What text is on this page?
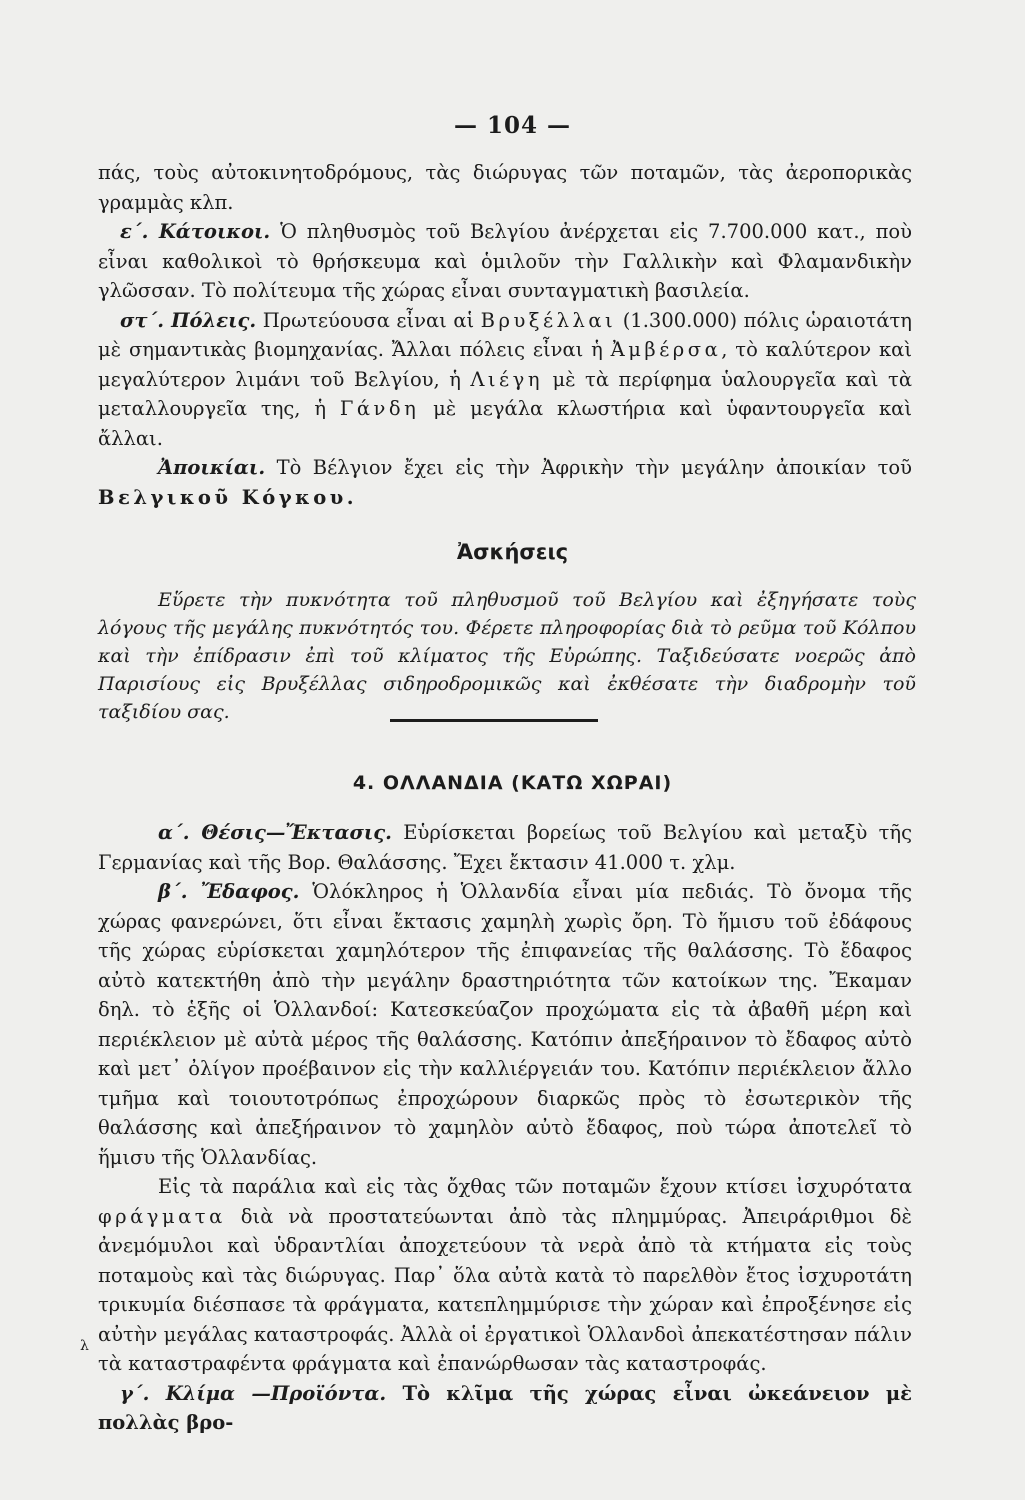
— 104 —

πάς, τοὺς αὐτοκινητοδρόμους, τὰς διώρυγας τῶν ποταμῶν, τὰς ἀεροπορικὰς γραμμὰς κλπ.

ε΄. Κάτοικοι. Ὁ πληθυσμὸς τοῦ Βελγίου ἀνέρχεται εἰς 7.700.000 κατ., ποὺ εἶναι καθολικοὶ τὸ θρήσκευμα καὶ ὁμιλοῦν τὴν Γαλλικὴν καὶ Φλαμανδικὴν γλῶσσαν. Τὸ πολίτευμα τῆς χώρας εἶναι συνταγματικὴ βασιλεία.

στ΄. Πόλεις. Πρωτεύουσα εἶναι αἱ Βρυξέλλαι (1.300.000) πόλις ὡραιοτάτη μὲ σημαντικὰς βιομηχανίας. Ἄλλαι πόλεις εἶναι ἡ Ἀμβέρσα, τὸ καλύτερον καὶ μεγαλύτερον λιμάνι τοῦ Βελγίου, ἡ Λιέγη μὲ τὰ περίφημα ὑαλουργεῖα καὶ τὰ μεταλλουργεῖα της, ἡ Γάνδη μὲ μεγάλα κλωστήρια καὶ ὑφαντουργεῖα καὶ ἄλλαι.

Ἀποικίαι. Τὸ Βέλγιον ἔχει εἰς τὴν Ἀφρικὴν τὴν μεγάλην ἀποικίαν τοῦ Βελγικοῦ Κόγκου.

Ἀσκήσεις
Εὕρετε τὴν πυκνότητα τοῦ πληθυσμοῦ τοῦ Βελγίου καὶ ἐξηγήσατε τοὺς λόγους τῆς μεγάλης πυκνότητός του. Φέρετε πληροφορίας διὰ τὸ ρεῦμα τοῦ Κόλπου καὶ τὴν ἐπίδρασιν ἐπὶ τοῦ κλίματος τῆς Εὐρώπης. Ταξιδεύσατε νοερῶς ἀπὸ Παρισίους εἰς Βρυξέλλας σιδηροδρομικῶς καὶ ἐκθέσατε τὴν διαδρομὴν τοῦ ταξιδίου σας.
4. ΟΛΛΑΝΔΙΑ (ΚΑΤΩ ΧΩΡΑΙ)

α΄. Θέσις—Ἔκτασις. Εὑρίσκεται βορείως τοῦ Βελγίου καὶ μεταξὺ τῆς Γερμανίας καὶ τῆς Βορ. Θαλάσσης. Ἔχει ἔκτασιν 41.000 τ. χλμ.

β΄. Ἔδαφος. Ὁλόκληρος ἡ Ὁλλανδία εἶναι μία πεδιάς. Τὸ ὄνομα τῆς χώρας φανερώνει, ὅτι εἶναι ἔκτασις χαμηλὴ χωρὶς ὄρη. Τὸ ἥμισυ τοῦ ἐδάφους τῆς χώρας εὑρίσκεται χαμηλότερον τῆς ἐπιφανείας τῆς θαλάσσης. Τὸ ἔδαφος αὐτὸ κατεκτήθη ἀπὸ τὴν μεγάλην δραστηριότητα τῶν κατοίκων της. Ἔκαμαν δηλ. τὸ ἑξῆς οἱ Ὁλλανδοί: Κατεσκεύαζον προχώματα εἰς τὰ ἀβαθῆ μέρη καὶ περιέκλειον μὲ αὐτὰ μέρος τῆς θαλάσσης. Κατόπιν ἀπεξήραινον τὸ ἔδαφος αὐτὸ καὶ μετ᾽ ὀλίγον προέβαινον εἰς τὴν καλλιέργειάν του. Κατόπιν περιέκλειον ἄλλο τμῆμα καὶ τοιουτοτρόπως ἐπροχώρουν διαρκῶς πρὸς τὸ ἐσωτερικὸν τῆς θαλάσσης καὶ ἀπεξήραινον τὸ χαμηλὸν αὐτὸ ἔδαφος, ποὺ τώρα ἀποτελεῖ τὸ ἥμισυ τῆς Ὁλλανδίας.

Εἰς τὰ παράλια καὶ εἰς τὰς ὄχθας τῶν ποταμῶν ἔχουν κτίσει ἰσχυρότατα φράγματα διὰ νὰ προστατεύωνται ἀπὸ τὰς πλημμύρας. Ἀπειράριθμοι δὲ ἀνεμόμυλοι καὶ ὑδραντλίαι ἀποχετεύουν τὰ νερὰ ἀπὸ τὰ κτήματα εἰς τοὺς ποταμοὺς καὶ τὰς διώρυγας. Παρ᾽ ὅλα αὐτὰ κατὰ τὸ παρελθὸν ἔτος ἰσχυροτάτη τρικυμία διέσπασε τὰ φράγματα, κατεπλημμύρισε τὴν χώραν καὶ ἐπροξένησε εἰς αὐτὴν μεγάλας καταστροφάς. Ἀλλὰ οἱ ἐργατικοὶ Ὁλλανδοὶ ἀπεκατέστησαν πάλιν τὰ καταστραφέντα φράγματα καὶ ἐπανώρθωσαν τὰς καταστροφάς.

γ΄. Κλίμα —Προϊόντα. Τὸ κλῖμα τῆς χώρας εἶναι ὠκεάνειον μὲ πολλὰς βρο-

λ
